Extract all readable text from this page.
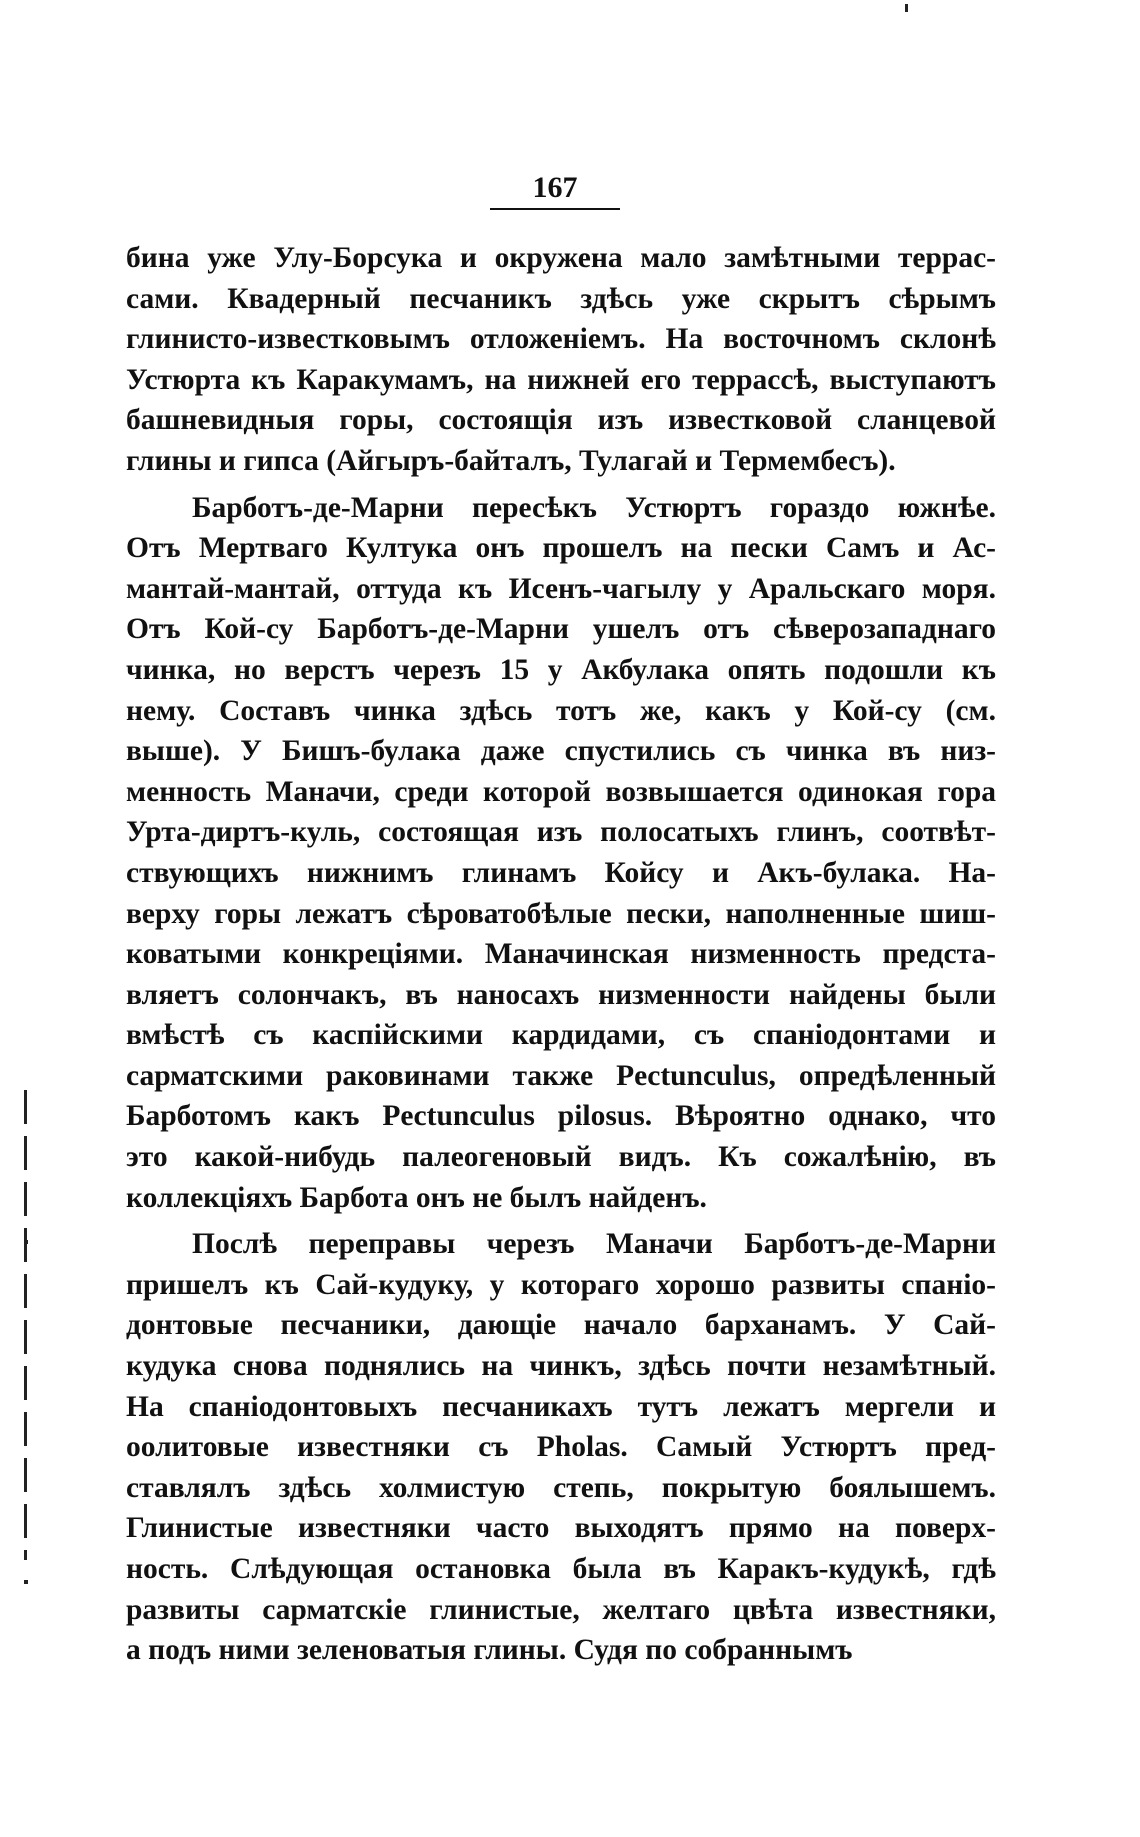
167
бина уже Улу-Борсука и окружена мало замѣтными террас-
сами. Квадерный песчаникъ здѣсь уже скрытъ сѣрымъ
глинисто-известковымъ отложеніемъ. На восточномъ склонѣ
Устюрта къ Каракумамъ, на нижней его террассѣ, выступаютъ
башневидныя горы, состоящія изъ известковой сланцевой
глины и гипса (Айгыръ-байталъ, Тулагай и Термембесъ).
Барботъ-де-Марни пересѣкъ Устюртъ гораздо южнѣе.
Отъ Мертваго Култука онъ прошелъ на пески Самъ и Ас-
мантай-мантай, оттуда къ Исенъ-чагылу у Аральскаго моря.
Отъ Кой-су Барботъ-де-Марни ушелъ отъ сѣверозападнаго
чинка, но верстъ черезъ 15 у Акбулака опять подошли къ
нему. Составъ чинка здѣсь тотъ же, какъ у Кой-су (см.
выше). У Бишъ-булака даже спустились съ чинка въ низ-
менность Маначи, среди которой возвышается одинокая гора
Урта-диртъ-куль, состоящая изъ полосатыхъ глинъ, соотвѣт-
ствующихъ нижнимъ глинамъ Койсу и Акъ-булака. На-
верху горы лежатъ сѣроватобѣлые пески, наполненные шиш-
коватыми конкреціями. Маначинская низменность предста-
вляетъ солончакъ, въ наносахъ низменности найдены были
вмѣстѣ съ каспійскими кардидами, съ спаніодонтами и
сарматскими раковинами также Pectunculus, опредѣленный
Барботомъ какъ Pectunculus pilosus. Вѣроятно однако, что
это какой-нибудь палеогеновый видъ. Къ сожалѣнію, въ
коллекціяхъ Барбота онъ не былъ найденъ.
Послѣ переправы черезъ Маначи Барботъ-де-Марни
пришелъ къ Сай-кудуку, у котораго хорошо развиты спаніо-
донтовые песчаники, дающіе начало барханамъ. У Сай-
кудука снова поднялись на чинкъ, здѣсь почти незамѣтный.
На спаніодонтовыхъ песчаникахъ тутъ лежатъ мергели и
оолитовые известняки съ Pholas. Самый Устюртъ пред-
ставлялъ здѣсь холмистую степь, покрытую боялышемъ.
Глинистые известняки часто выходятъ прямо на поверх-
ность. Слѣдующая остановка была въ Каракъ-кудукѣ, гдѣ
развиты сарматскіе глинистые, желтаго цвѣта известняки,
а подъ ними зеленоватыя глины. Судя по собраннымъ
